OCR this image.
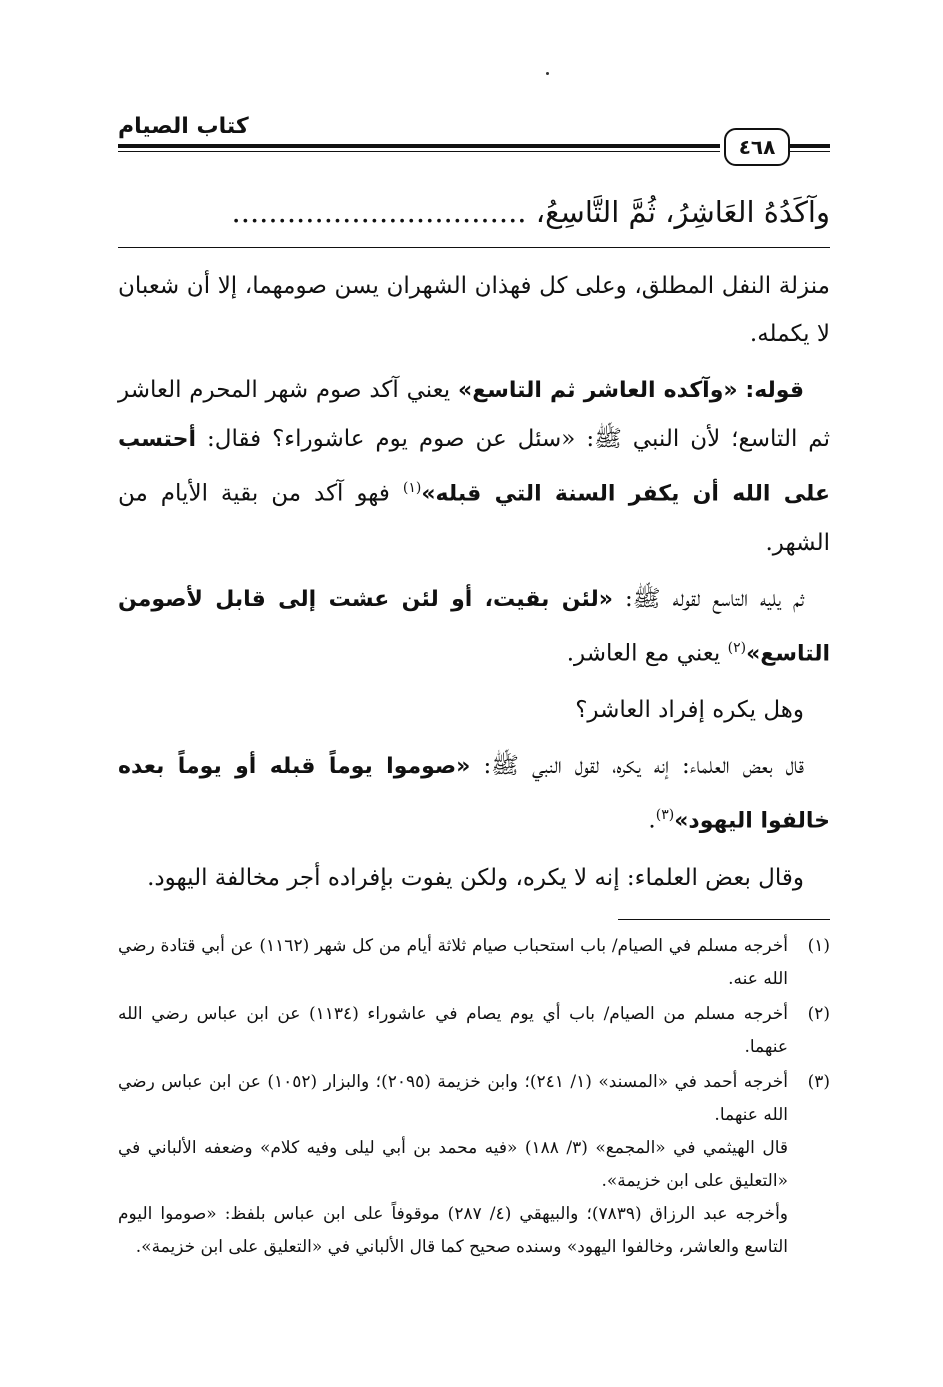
كتاب الصيام
٤٦٨
وآكَدُهُ العَاشِرُ، ثُمَّ التَّاسِعُ، ................................

منزلة النفل المطلق، وعلى كل فهذان الشهران يسن صومهما، إلا أن شعبان لا يكمله.

قوله: «وآكده العاشر ثم التاسع» يعني آكد صوم شهر المحرم العاشر ثم التاسع؛ لأن النبي ﷺ: «سئل عن صوم يوم عاشوراء؟ فقال: أحتسب على الله أن يكفر السنة التي قبله»$^{(١)}$ فهو آكد من بقية الأيام من الشهر.

ثم يليه التاسع لقوله ﷺ: «لئن بقيت، أو لئن عشت إلى قابل لأصومن التاسع»$^{(٢)}$ يعني مع العاشر.

وهل يكره إفراد العاشر؟

قال بعض العلماء: إنه يكره، لقول النبي ﷺ: «صوموا يوماً قبله أو يوماً بعده خالفوا اليهود»$^{(٣)}$.

وقال بعض العلماء: إنه لا يكره، ولكن يفوت بإفراده أجر مخالفة اليهود.

(١)
أخرجه مسلم في الصيام/ باب استحباب صيام ثلاثة أيام من كل شهر (١١٦٢) عن أبي قتادة رضي الله عنه.
(٢)
أخرجه مسلم من الصيام/ باب أي يوم يصام في عاشوراء (١١٣٤) عن ابن عباس رضي الله عنهما.
(٣)
أخرجه أحمد في «المسند» (١/ ٢٤١)؛ وابن خزيمة (٢٠٩٥)؛ والبزار (١٠٥٢) عن ابن عباس رضي الله عنهما.
قال الهيثمي في «المجمع» (٣/ ١٨٨) «فيه محمد بن أبي ليلى وفيه كلام» وضعفه الألباني في «التعليق على ابن خزيمة».
وأخرجه عبد الرزاق (٧٨٣٩)؛ والبيهقي (٤/ ٢٨٧) موقوفاً على ابن عباس بلفظ: «صوموا اليوم التاسع والعاشر، وخالفوا اليهود» وسنده صحيح كما قال الألباني في «التعليق على ابن خزيمة».
